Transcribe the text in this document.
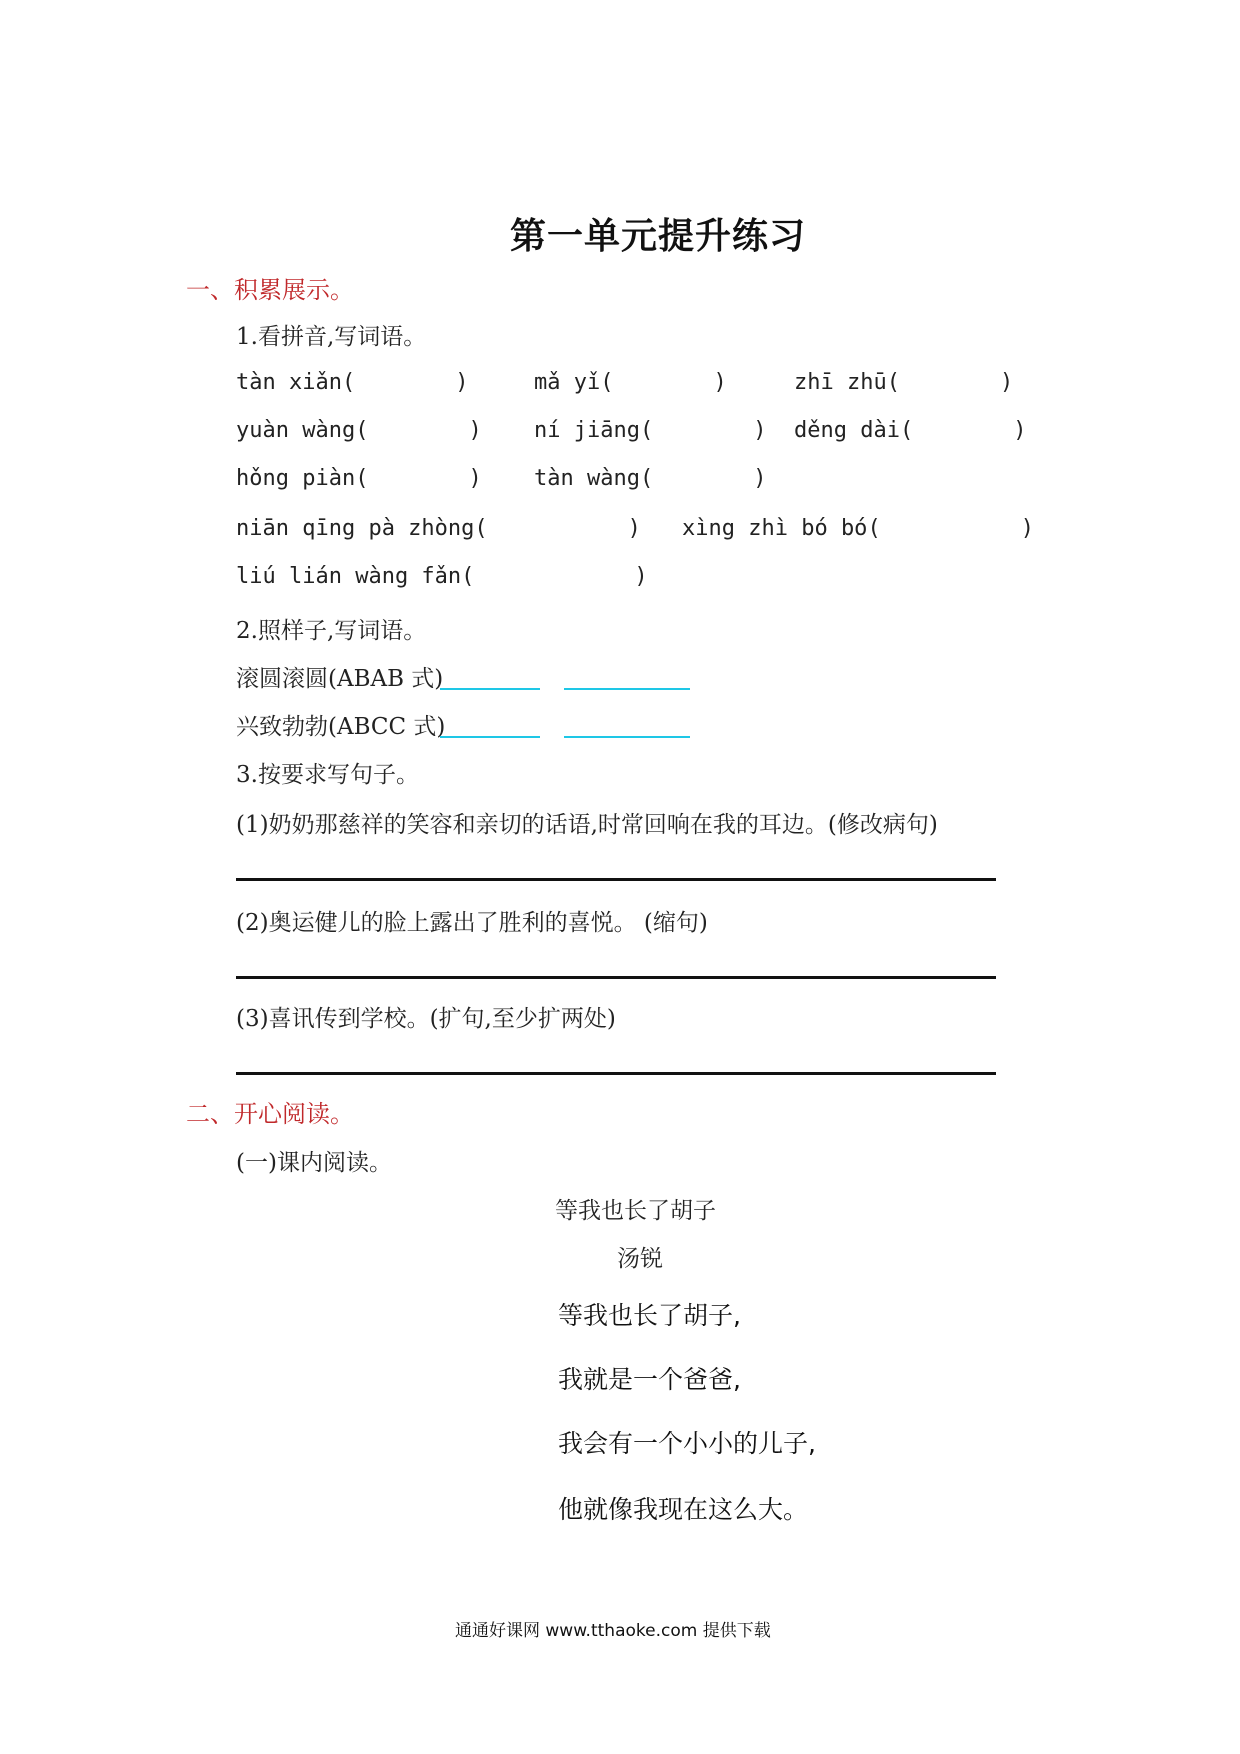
第一单元提升练习
一、积累展示。
1.看拼音,写词语。
tàn xiǎn(	)	mǎ yǐ(	)	zhī zhū(	)
yuàn wàng(	) ní jiāng(	) děng dài(	)
hǒng piàn(	) tàn wàng(	)
niān qīng pà zhòng(	) xìng zhì bó bó(	)
liú lián wàng fǎn(	)
2.照样子,写词语。
滚圆滚圆(ABAB 式)
兴致勃勃(ABCC 式)
3.按要求写句子。
(1)奶奶那慈祥的笑容和亲切的话语,时常回响在我的耳边。(修改病句)
(2)奥运健儿的脸上露出了胜利的喜悦。 (缩句)
(3)喜讯传到学校。(扩句,至少扩两处)
二、开心阅读。
(一)课内阅读。
等我也长了胡子
汤锐
等我也长了胡子,
我就是一个爸爸,
我会有一个小小的儿子,
他就像我现在这么大。
通通好课网 www.tthaoke.com 提供下载
